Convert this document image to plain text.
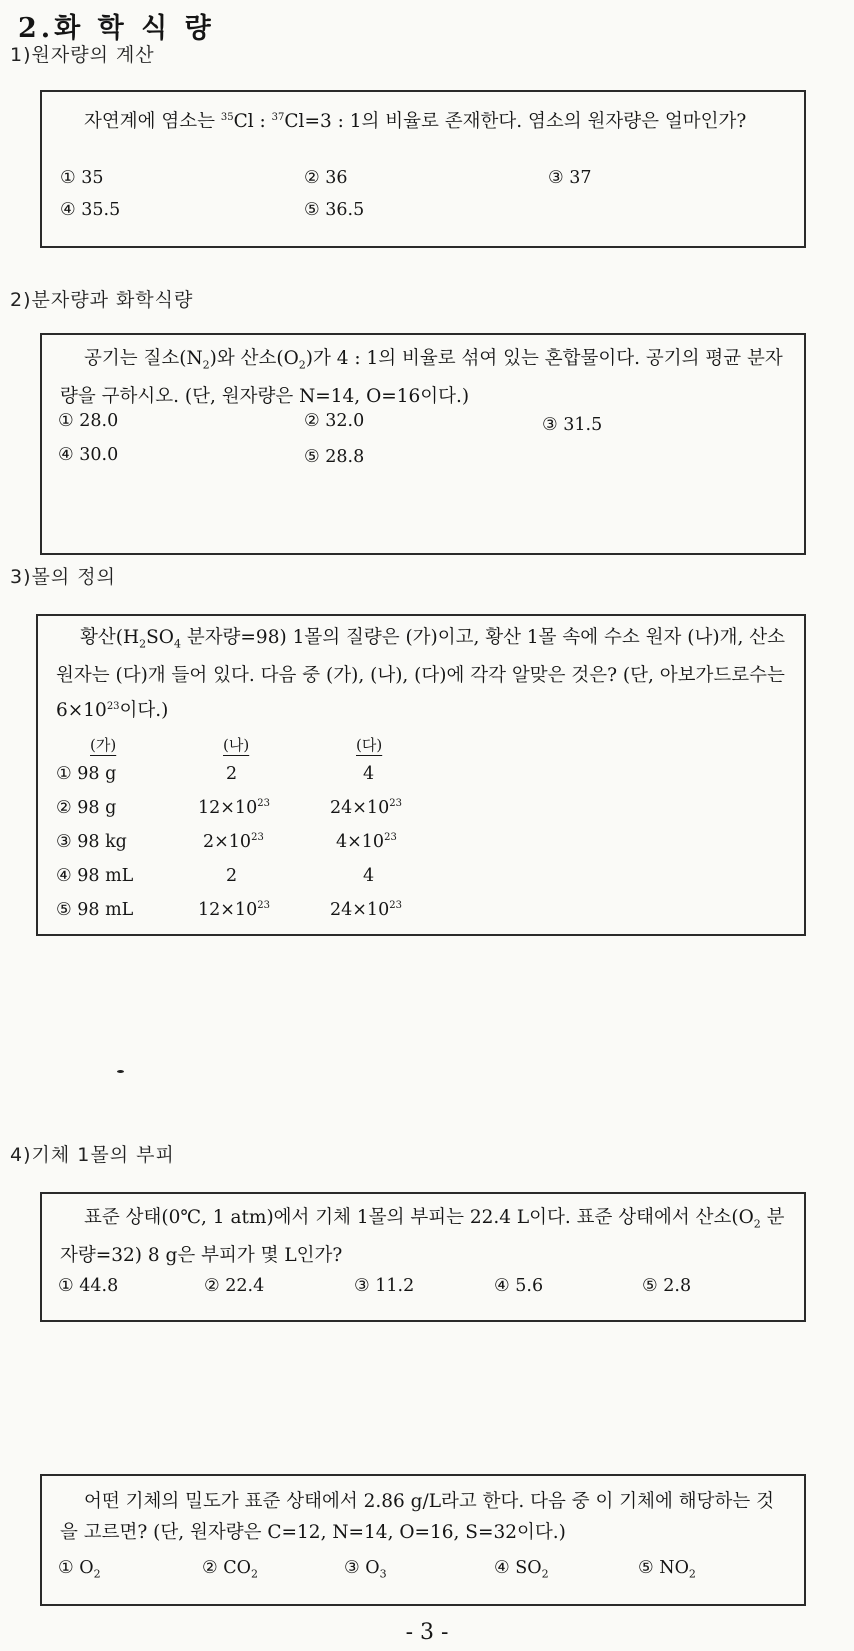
2.화 학 식 량
1)원자량의 계산

자연계에 염소는 $^{35}$Cl : $^{37}$Cl=3 : 1의 비율로 존재한다. 염소의 원자량은 얼마인가?

① 35	② 36	③ 37
④ 35.5	⑤ 36.5
2)분자량과 화학식량

공기는 질소$(N_2)$와 산소$(O_2)$가 4 : 1의 비율로 섞여 있는 혼합물이다. 공기의 평균 분자량을 구하시오. (단, 원자량은 N=14, O=16이다.)

① 28.0	② 32.0	③ 31.5
④ 30.0	⑤ 28.8
3)몰의 정의

황산($H_2SO_4$ 분자량=98) 1몰의 질량은 (가)이고, 황산 1몰 속에 수소 원자 (나)개, 산소 원자는 (다)개 들어 있다. 다음 중 (가), (나), (다)에 각각 알맞은 것은? (단, 아보가드로수는 $6\times 10^{23}$이다.)

(가)	(나)	(다)
① 98 g	2	4
② 98 g	$12\times 10^{23}$	$24\times 10^{23}$
③ 98 kg	$2\times 10^{23}$	$4\times 10^{23}$
④ 98 mL	2	4
⑤ 98 mL	$12\times 10^{23}$	$24\times 10^{23}$
4)기체 1몰의 부피

표준 상태(0℃, 1 atm)에서 기체 1몰의 부피는 22.4 L이다. 표준 상태에서 산소($O_2$ 분자량=32) 8 g은 부피가 몇 L인가?

① 44.8	② 22.4	③ 11.2	④ 5.6	⑤ 2.8
어떤 기체의 밀도가 표준 상태에서 2.86 g/L라고 한다. 다음 중 이 기체에 해당하는 것을 고르면? (단, 원자량은 C=12, N=14, O=16, S=32이다.)
① $O_2$	② $CO_2$	③ $O_3$	④ $SO_2$	⑤ $NO_2$
- 3 -
